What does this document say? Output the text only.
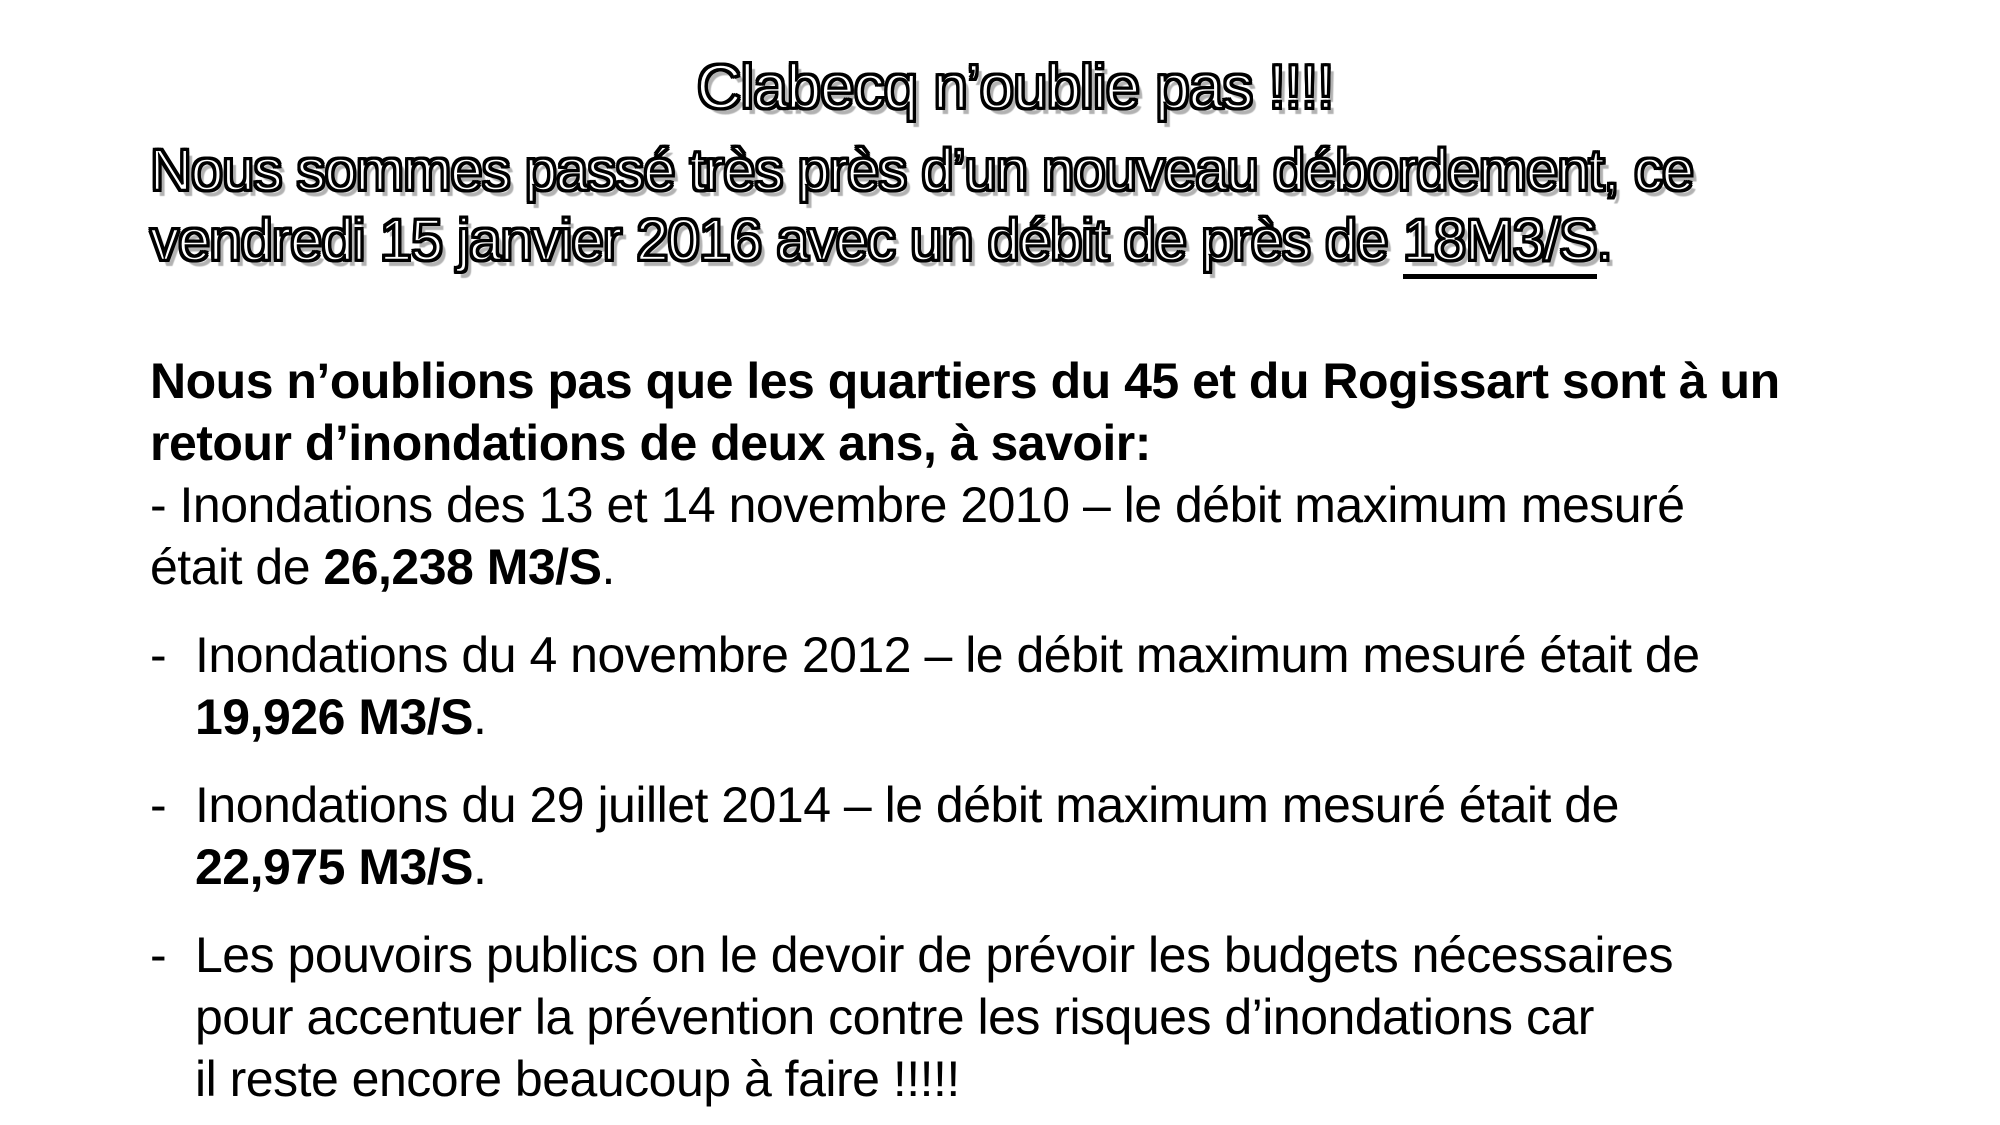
Clabecq n’oublie pas !!!!
Nous sommes passé très près d’un nouveau débordement, ce
vendredi 15 janvier 2016 avec un débit de près de 18M3/S.
Nous n’oublions pas que les quartiers du 45 et du Rogissart sont à un
retour d’inondations de deux ans, à savoir:
- Inondations des 13 et 14 novembre 2010 – le débit maximum mesuré
était de 26,238 M3/S.
- Inondations du 4 novembre 2012 – le débit maximum mesuré était de
19,926 M3/S.
- Inondations du 29 juillet 2014 – le débit maximum mesuré était de
22,975 M3/S.
- Les pouvoirs publics on le devoir de prévoir les budgets nécessaires
pour accentuer la prévention contre les risques d’inondations car
il reste encore beaucoup à faire !!!!!
